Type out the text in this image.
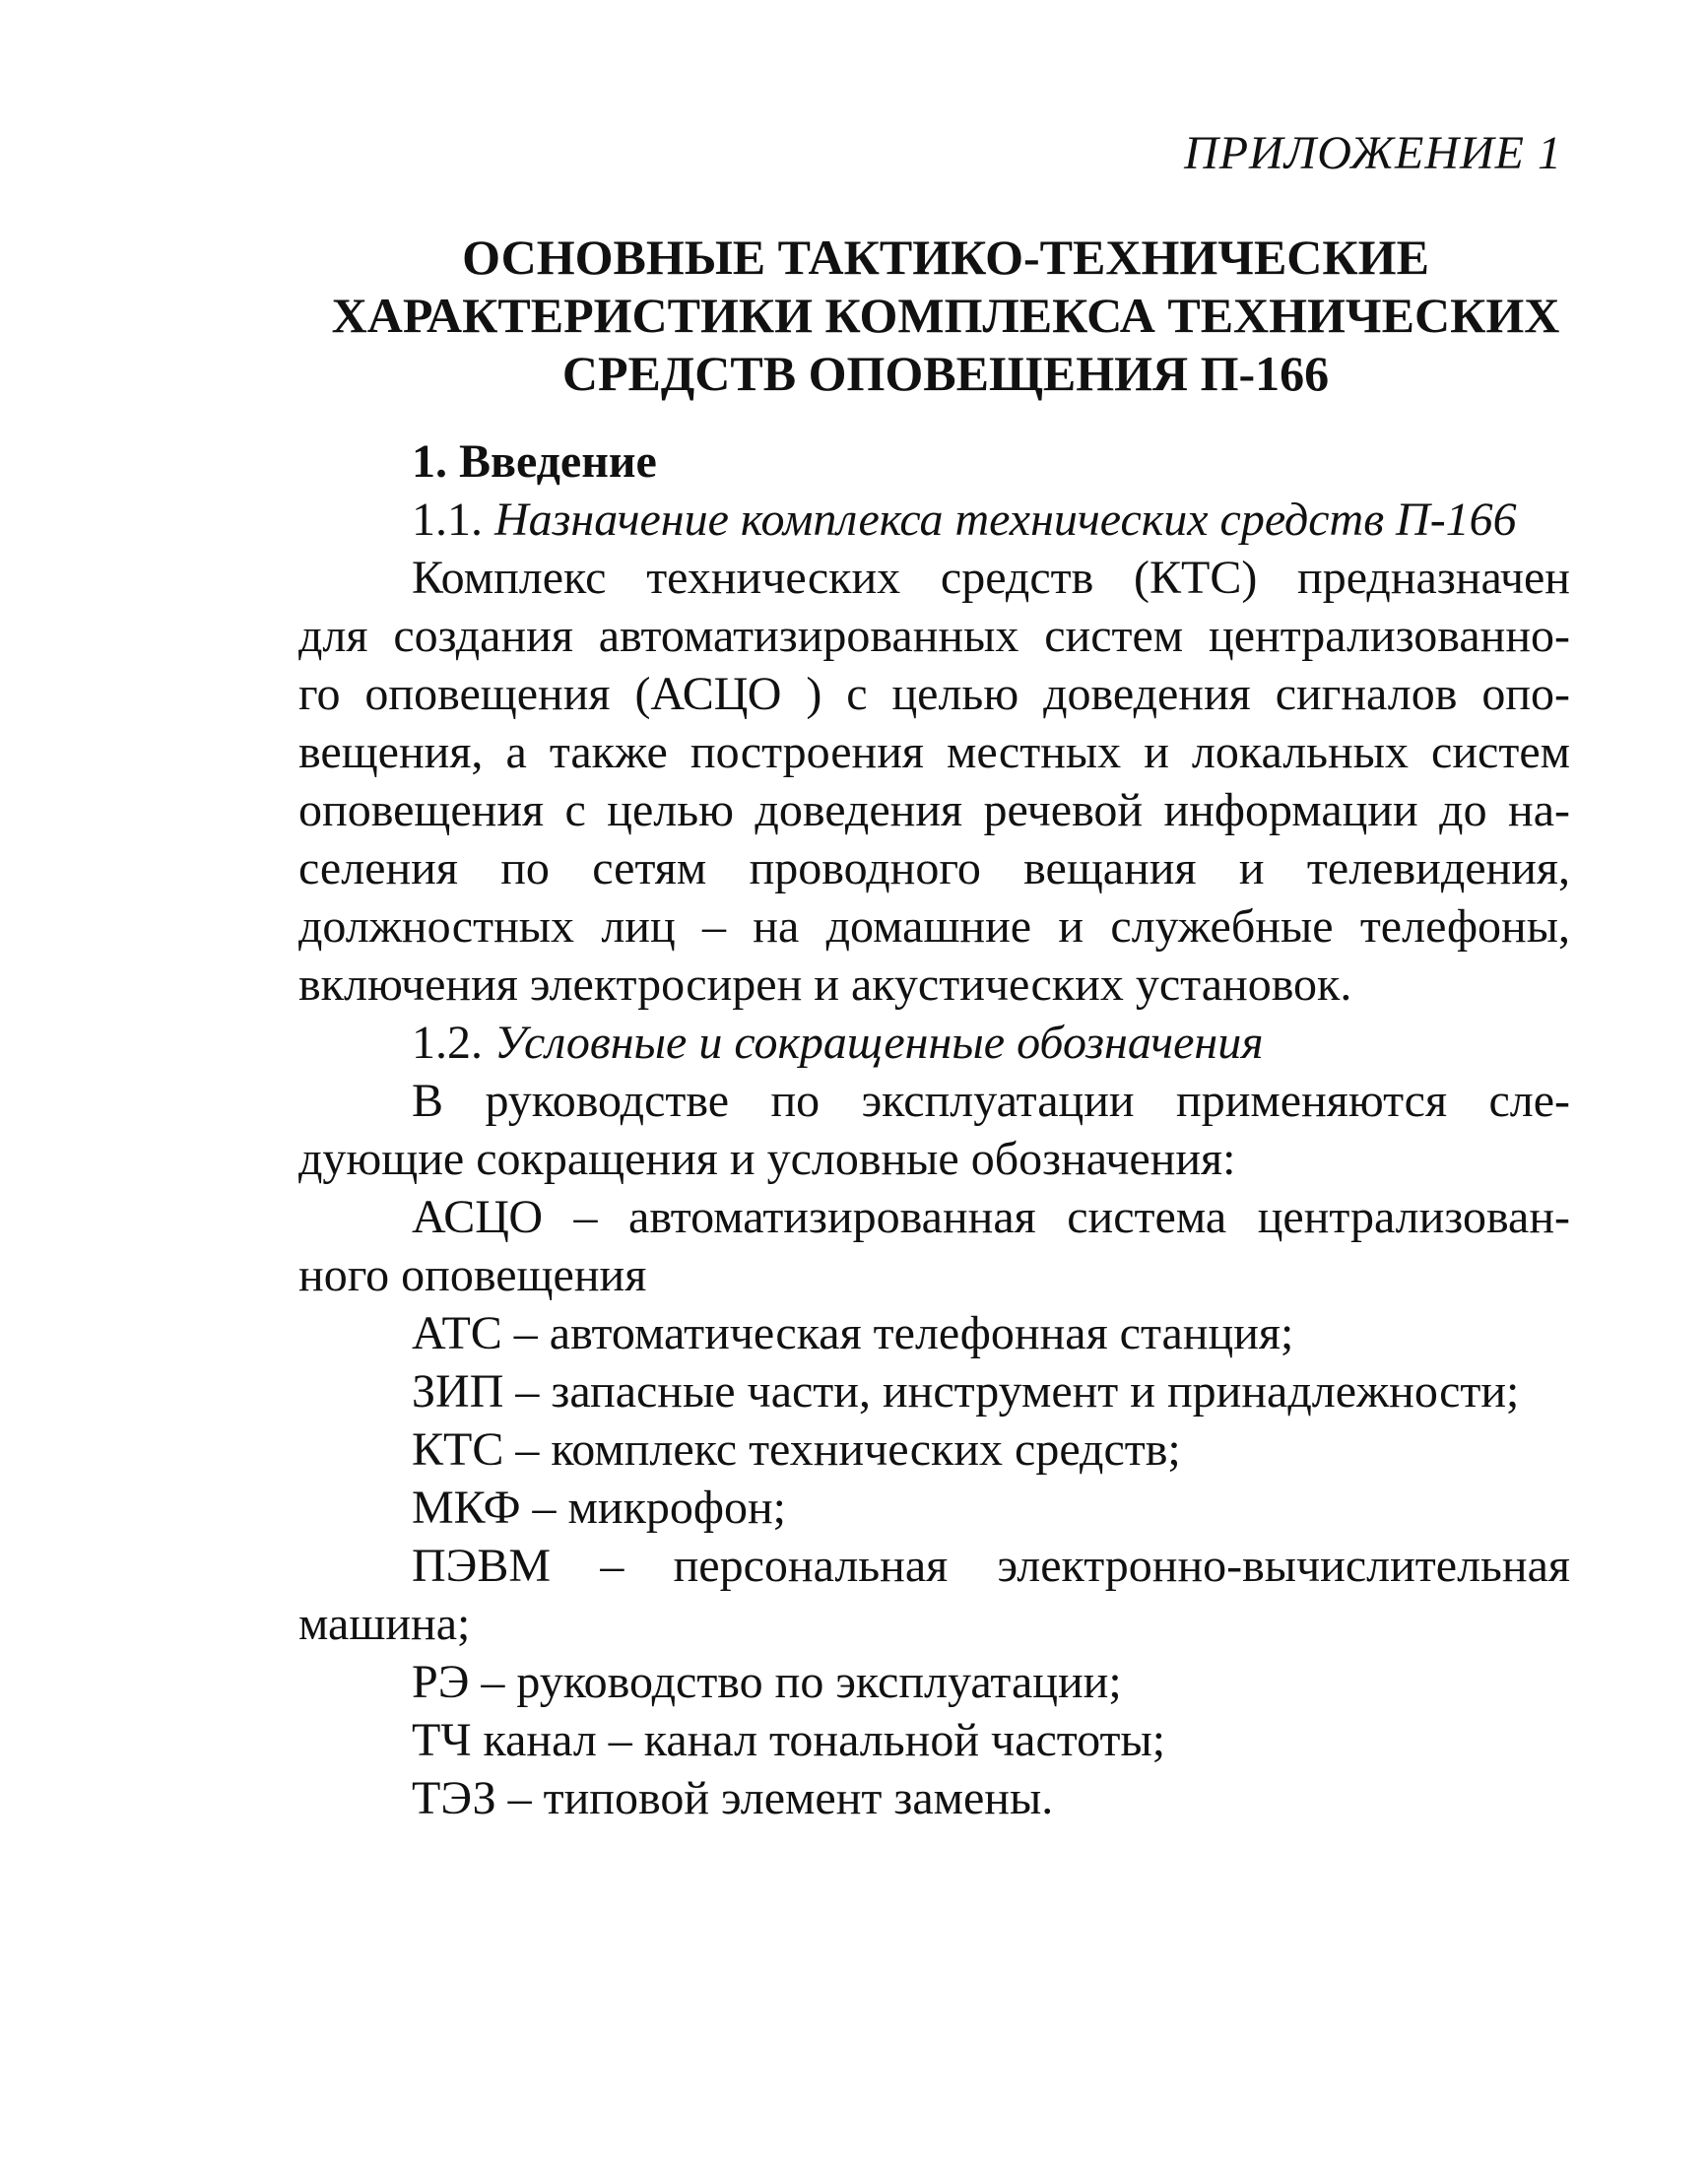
ПРИЛОЖЕНИЕ 1
ОСНОВНЫЕ ТАКТИКО-ТЕХНИЧЕСКИЕ
ХАРАКТЕРИСТИКИ КОМПЛЕКСА ТЕХНИЧЕСКИХ
СРЕДСТВ ОПОВЕЩЕНИЯ П-166
1. Введение
1.1. Назначение комплекса технических средств П-166
Комплекс технических средств (КТС) предназначен
для создания автоматизированных систем централизованно-
го оповещения (АСЦО ) с целью доведения сигналов опо-
вещения, а также построения местных и локальных систем
оповещения с целью доведения речевой информации до на-
селения по сетям проводного вещания и телевидения,
должностных лиц – на домашние и служебные телефоны,
включения электросирен и акустических установок.
1.2. Условные и сокращенные обозначения
В руководстве по эксплуатации применяются сле-
дующие сокращения и условные обозначения:
АСЦО – автоматизированная система централизован-
ного оповещения
АТС – автоматическая телефонная станция;
ЗИП – запасные части, инструмент и принадлежности;
КТС – комплекс технических средств;
МКФ – микрофон;
ПЭВМ – персональная электронно-вычислительная
машина;
РЭ – руководство по эксплуатации;
ТЧ канал – канал тональной частоты;
ТЭЗ – типовой элемент замены.
